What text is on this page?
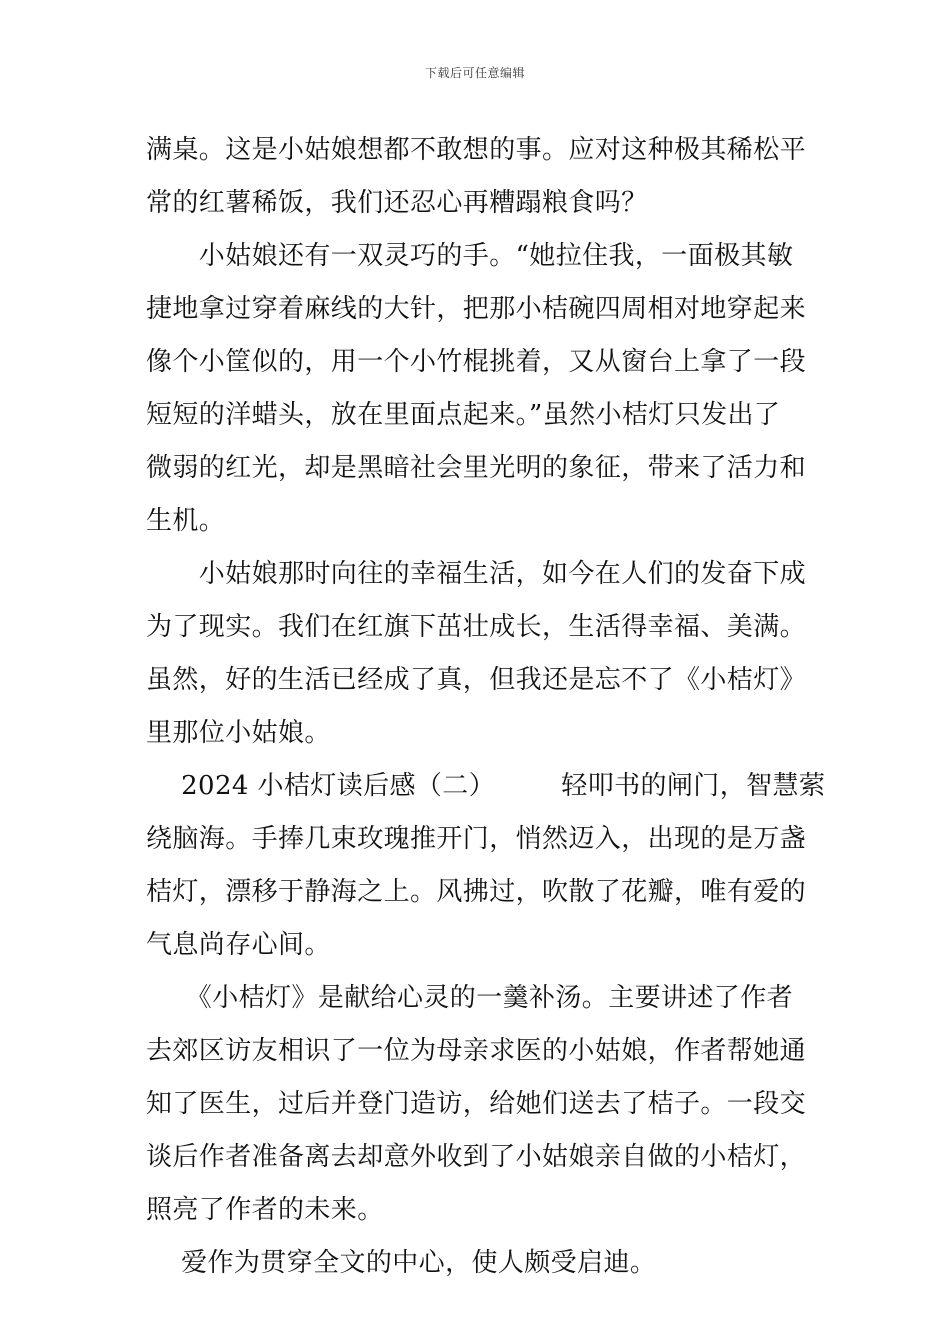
下载后可任意编辑
满桌。这是小姑娘想都不敢想的事。应对这种极其稀松平
常的红薯稀饭，我们还忍心再糟蹋粮食吗？
　　小姑娘还有一双灵巧的手。“她拉住我，一面极其敏
捷地拿过穿着麻线的大针，把那小桔碗四周相对地穿起来
像个小筐似的，用一个小竹棍挑着，又从窗台上拿了一段
短短的洋蜡头，放在里面点起来。”虽然小桔灯只发出了
微弱的红光，却是黑暗社会里光明的象征，带来了活力和
生机。
　　小姑娘那时向往的幸福生活，如今在人们的发奋下成
为了现实。我们在红旗下茁壮成长，生活得幸福、美满。
虽然，好的生活已经成了真，但我还是忘不了《小桔灯》
里那位小姑娘。
　 2024 小桔灯读后感（二）　　　轻叩书的闸门，智慧萦
绕脑海。手捧几束玫瑰推开门，悄然迈入，出现的是万盏
桔灯，漂移于静海之上。风拂过，吹散了花瓣，唯有爱的
气息尚存心间。
　　《小桔灯》是献给心灵的一羹补汤。主要讲述了作者
去郊区访友相识了一位为母亲求医的小姑娘，作者帮她通
知了医生，过后并登门造访，给她们送去了桔子。一段交
谈后作者准备离去却意外收到了小姑娘亲自做的小桔灯，
照亮了作者的未来。
　 爱作为贯穿全文的中心，使人颇受启迪。
